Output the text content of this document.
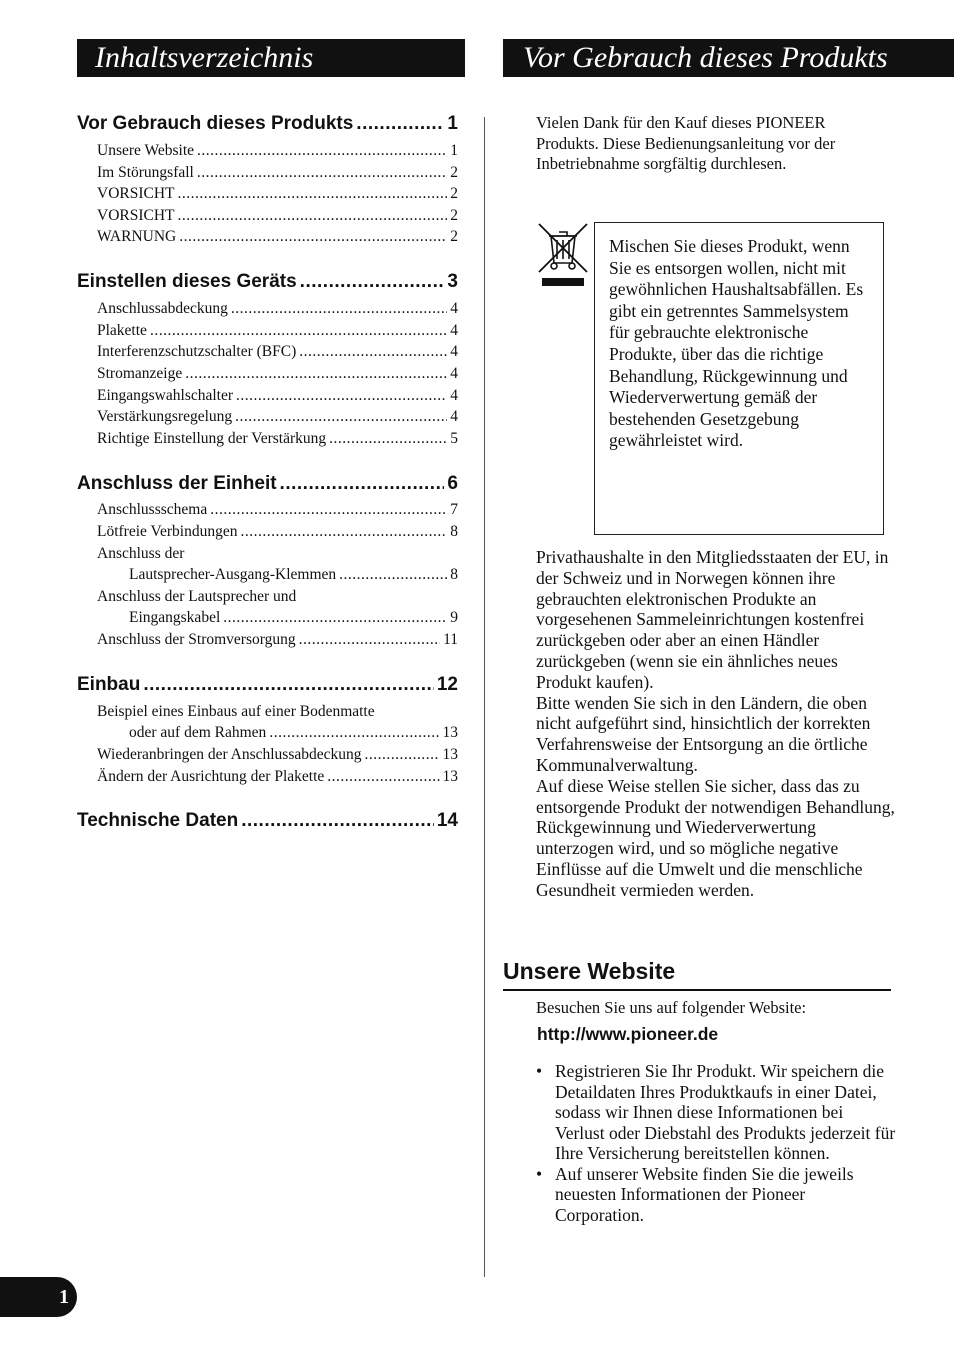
Inhaltsverzeichnis	Vor Gebrauch dieses Produkts
Vor Gebrauch dieses Produkts .....	1
Unsere Website .....	1
Im Störungsfall .....	2
VORSICHT .....	2
VORSICHT .....	2
WARNUNG .....	2
Einstellen dieses Geräts .....	3
Anschlussabdeckung .....	4
Plakette .....	4
Interferenzschutzschalter (BFC) .....	4
Stromanzeige .....	4
Eingangswahlschalter .....	4
Verstärkungsregelung .....	4
Richtige Einstellung der Verstärkung .....	5
Anschluss der Einheit .....	6
Anschlussschema .....	7
Lötfreie Verbindungen .....	8
Anschluss der
Lautsprecher-Ausgang-Klemmen .....	8
Anschluss der Lautsprecher und
Eingangskabel .....	9
Anschluss der Stromversorgung .....	11
Einbau .....	12
Beispiel eines Einbaus auf einer Bodenmatte
oder auf dem Rahmen .....	13
Wiederanbringen der Anschlussabdeckung .....	13
Ändern der Ausrichtung der Plakette .....	13
Technische Daten .....	14

Vielen Dank für den Kauf dieses PIONEER Produkts. Diese Bedienungsanleitung vor der Inbetriebnahme sorgfältig durchlesen.

Mischen Sie dieses Produkt, wenn Sie es entsorgen wollen, nicht mit gewöhnlichen Haushaltsabfällen. Es gibt ein getrenntes Sammelsystem für gebrauchte elektronische Produkte, über das die richtige Behandlung, Rückgewinnung und Wiederverwertung gemäß der bestehenden Gesetzgebung gewährleistet wird.

Privathaushalte in den Mitgliedsstaaten der EU, in der Schweiz und in Norwegen können ihre gebrauchten elektronischen Produkte an vorgesehenen Sammeleinrichtungen kostenfrei zurückgeben oder aber an einen Händler zurückgeben (wenn sie ein ähnliches neues Produkt kaufen).

Bitte wenden Sie sich in den Ländern, die oben nicht aufgeführt sind, hinsichtlich der korrekten Verfahrensweise der Entsorgung an die örtliche Kommunalverwaltung.

Auf diese Weise stellen Sie sicher, dass das zu entsorgende Produkt der notwendigen Behandlung, Rückgewinnung und Wiederverwertung unterzogen wird, und so mögliche negative Einflüsse auf die Umwelt und die menschliche Gesundheit vermieden werden.

Unsere Website

Besuchen Sie uns auf folgender Website:

http://www.pioneer.de
• Registrieren Sie Ihr Produkt. Wir speichern die Detaildaten Ihres Produktkaufs in einer Datei, sodass wir Ihnen diese Informationen bei Verlust oder Diebstahl des Produkts jederzeit für Ihre Versicherung bereitstellen können.
• Auf unserer Website finden Sie die jeweils neuesten Informationen der Pioneer Corporation.
1
